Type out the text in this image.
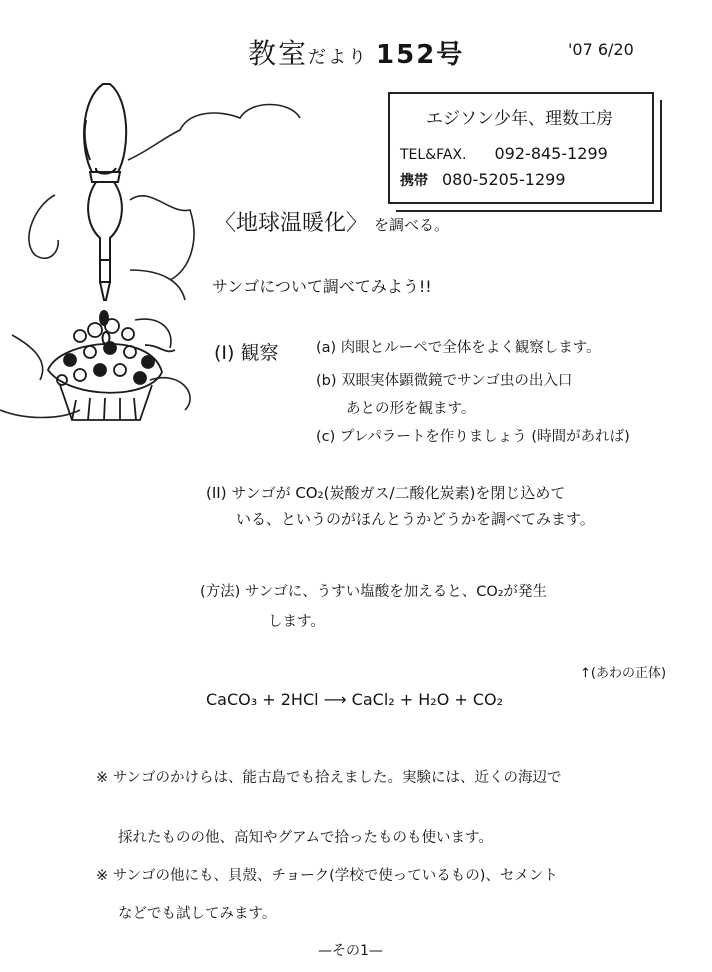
教室だより 152号	'07 6/20
エジソン少年、理数工房
TEL&FAX. 092-845-1299
携帯 080-5205-1299
〈地球温暖化〉 を調べる。
サンゴについて調べてみよう!!
(I) 観察	(a) 肉眼とルーペで全体をよく観察します。
(b) 双眼実体顕微鏡でサンゴ虫の出入口
あとの形を観ます。
(c) プレパラートを作りましょう (時間があれば)
(II) サンゴが CO₂(炭酸ガス/二酸化炭素)を閉じ込めて
いる、というのがほんとうかどうかを調べてみます。
(方法) サンゴに、うすい塩酸を加えると、CO₂が発生
します。
↑(あわの正体)
CaCO₃ + 2HCl ⟶ CaCl₂ + H₂O + CO₂
※ サンゴのかけらは、能古島でも拾えました。実験には、近くの海辺で
採れたものの他、高知やグアムで拾ったものも使います。
※ サンゴの他にも、貝殻、チョーク(学校で使っているもの)、セメント
などでも試してみます。
—その1—
